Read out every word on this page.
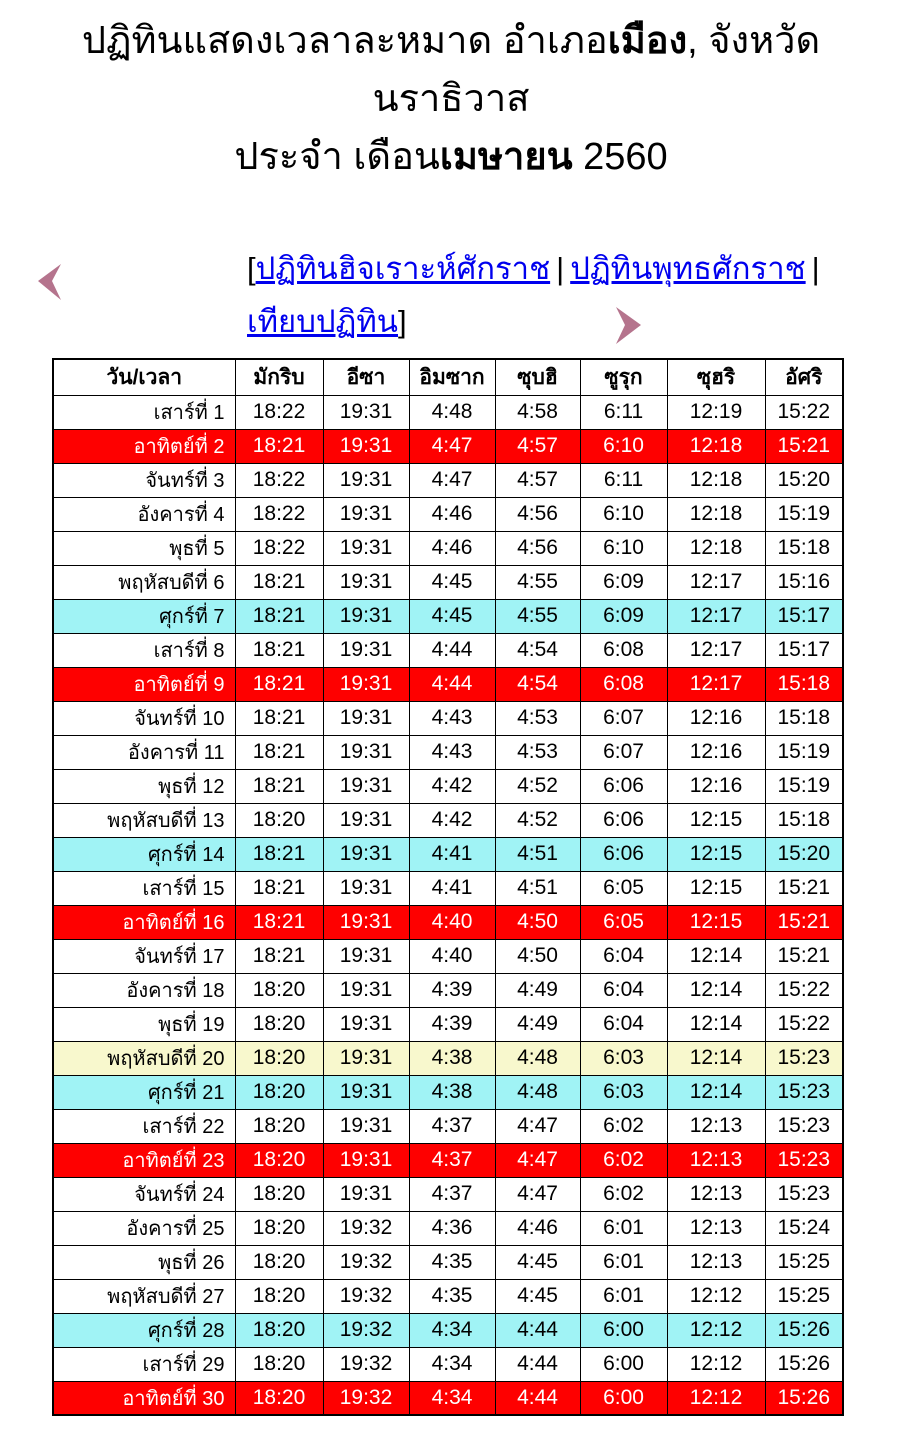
ปฏิทินแสดงเวลาละหมาด อำเภอเมือง, จังหวัด
นราธิวาส
ประจำ เดือนเมษายน 2560
[ปฏิทินฮิจเราะห์ศักราช | ปฏิทินพุทธศักราช |
เทียบปฏิทิน]
วัน/เวลา	มักริบ	อีซา	อิมซาก	ซุบฮิ	ซูรุก	ซุฮริ	อัศริ
เสาร์ที่ 1	18:22	19:31	4:48	4:58	6:11	12:19	15:22
อาทิตย์ที่ 2	18:21	19:31	4:47	4:57	6:10	12:18	15:21
จันทร์ที่ 3	18:22	19:31	4:47	4:57	6:11	12:18	15:20
อังคารที่ 4	18:22	19:31	4:46	4:56	6:10	12:18	15:19
พุธที่ 5	18:22	19:31	4:46	4:56	6:10	12:18	15:18
พฤหัสบดีที่ 6	18:21	19:31	4:45	4:55	6:09	12:17	15:16
ศุกร์ที่ 7	18:21	19:31	4:45	4:55	6:09	12:17	15:17
เสาร์ที่ 8	18:21	19:31	4:44	4:54	6:08	12:17	15:17
อาทิตย์ที่ 9	18:21	19:31	4:44	4:54	6:08	12:17	15:18
จันทร์ที่ 10	18:21	19:31	4:43	4:53	6:07	12:16	15:18
อังคารที่ 11	18:21	19:31	4:43	4:53	6:07	12:16	15:19
พุธที่ 12	18:21	19:31	4:42	4:52	6:06	12:16	15:19
พฤหัสบดีที่ 13	18:20	19:31	4:42	4:52	6:06	12:15	15:18
ศุกร์ที่ 14	18:21	19:31	4:41	4:51	6:06	12:15	15:20
เสาร์ที่ 15	18:21	19:31	4:41	4:51	6:05	12:15	15:21
อาทิตย์ที่ 16	18:21	19:31	4:40	4:50	6:05	12:15	15:21
จันทร์ที่ 17	18:21	19:31	4:40	4:50	6:04	12:14	15:21
อังคารที่ 18	18:20	19:31	4:39	4:49	6:04	12:14	15:22
พุธที่ 19	18:20	19:31	4:39	4:49	6:04	12:14	15:22
พฤหัสบดีที่ 20	18:20	19:31	4:38	4:48	6:03	12:14	15:23
ศุกร์ที่ 21	18:20	19:31	4:38	4:48	6:03	12:14	15:23
เสาร์ที่ 22	18:20	19:31	4:37	4:47	6:02	12:13	15:23
อาทิตย์ที่ 23	18:20	19:31	4:37	4:47	6:02	12:13	15:23
จันทร์ที่ 24	18:20	19:31	4:37	4:47	6:02	12:13	15:23
อังคารที่ 25	18:20	19:32	4:36	4:46	6:01	12:13	15:24
พุธที่ 26	18:20	19:32	4:35	4:45	6:01	12:13	15:25
พฤหัสบดีที่ 27	18:20	19:32	4:35	4:45	6:01	12:12	15:25
ศุกร์ที่ 28	18:20	19:32	4:34	4:44	6:00	12:12	15:26
เสาร์ที่ 29	18:20	19:32	4:34	4:44	6:00	12:12	15:26
อาทิตย์ที่ 30	18:20	19:32	4:34	4:44	6:00	12:12	15:26
